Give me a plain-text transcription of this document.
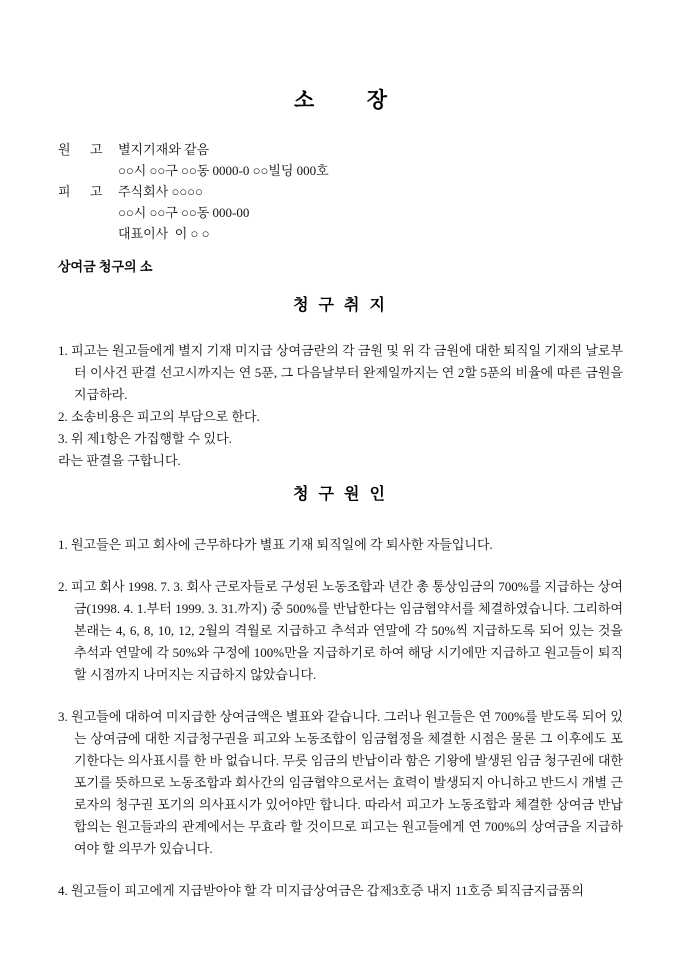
소          장
원      고	별지기재와 같음
○○시 ○○구 ○○동 0000-0 ○○빌딩 000호
피      고	주식회사 ○○○○
○○시 ○○구 ○○동 000-00
대표이사  이 ○ ○
상여금 청구의 소
청 구 취 지
1. 피고는 원고들에게 별지 기재 미지급 상여금란의 각 금원 및 위 각 금원에 대한 퇴직일 기재의 날로부터 이사건 판결 선고시까지는 연 5푼, 그 다음날부터 완제일까지는 연 2할 5푼의 비율에 따른 금원을 지급하라.
2. 소송비용은 피고의 부담으로 한다.
3. 위 제1항은 가집행할 수 있다.
라는 판결을 구합니다.
청 구 원 인
1. 원고들은 피고 회사에 근무하다가 별표 기재 퇴직일에 각 퇴사한 자들입니다.
2. 피고 회사 1998. 7. 3. 회사 근로자들로 구성된 노동조합과 년간 총 통상임금의 700%를 지급하는 상여금(1998. 4. 1.부터 1999. 3. 31.까지) 중 500%를 반납한다는 임금협약서를 체결하였습니다. 그리하여 본래는 4, 6, 8, 10, 12, 2월의 격월로 지급하고 추석과 연말에 각 50%씩 지급하도록 되어 있는 것을 추석과 연말에 각 50%와 구정에 100%만을 지급하기로 하여 해당 시기에만 지급하고 원고들이 퇴직할 시점까지 나머지는 지급하지 않았습니다.
3. 원고들에 대하여 미지급한 상여금액은 별표와 같습니다. 그러나 원고들은 연 700%를 받도록 되어 있는 상여금에 대한 지급청구권을 피고와 노동조합이 임금협정을 체결한 시점은 물론 그 이후에도 포기한다는 의사표시를 한 바 없습니다. 무릇 임금의 반납이라 함은 기왕에 발생된 임금 청구권에 대한 포기를 뜻하므로 노동조합과 회사간의 임금협약으로서는 효력이 발생되지 아니하고 반드시 개별 근로자의 청구권 포기의 의사표시가 있어야만 합니다. 따라서 피고가 노동조합과 체결한 상여금 반납 합의는 원고들과의 관계에서는 무효라 할 것이므로 피고는 원고들에게 연 700%의 상여금을 지급하여야 할 의무가 있습니다.
4. 원고들이 피고에게 지급받아야 할 각 미지급상여금은 갑제3호증 내지 11호증 퇴직금지급품의
